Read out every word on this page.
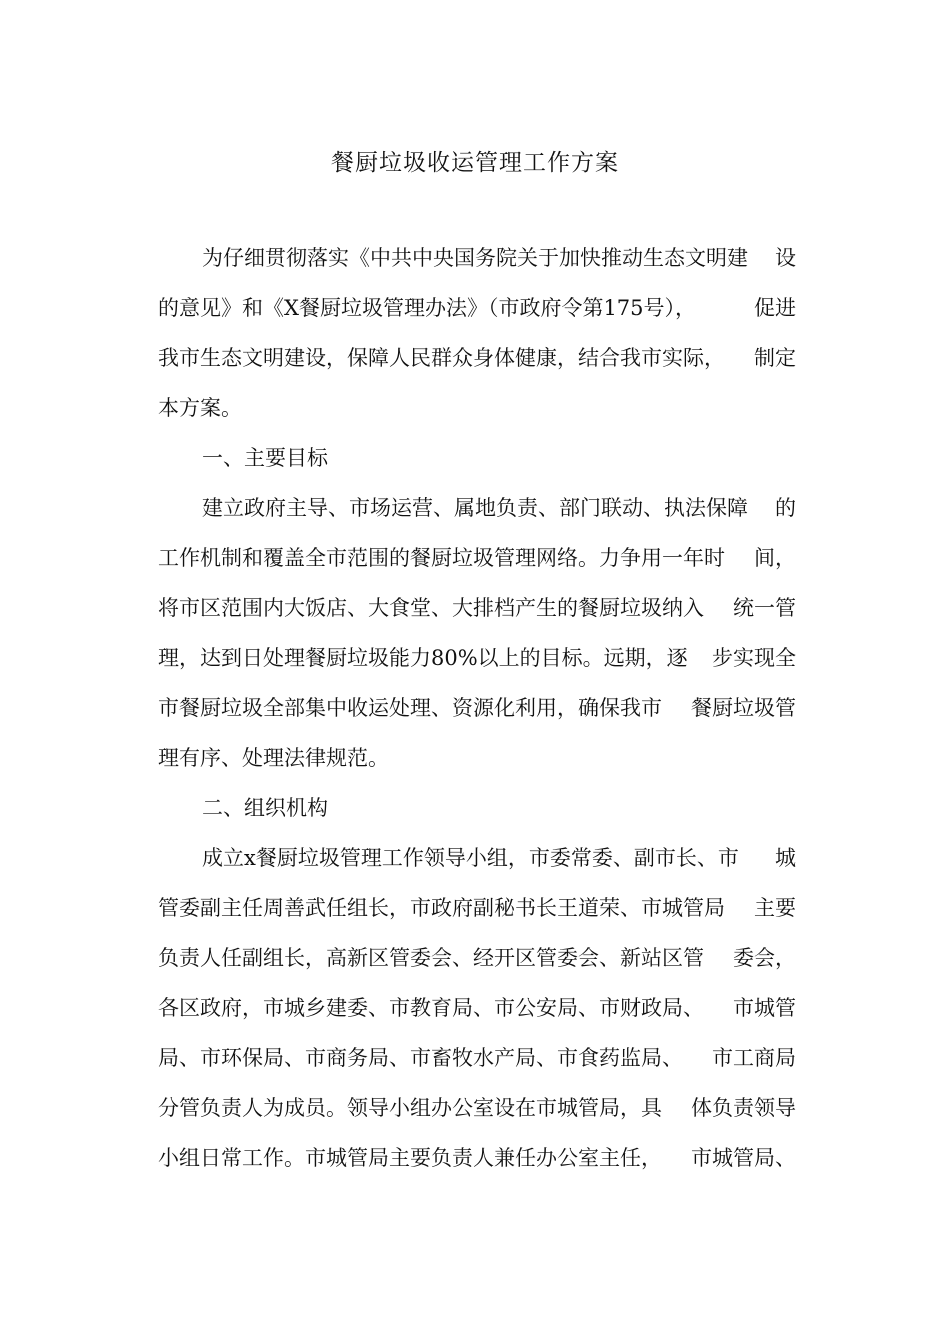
餐厨垃圾收运管理工作方案
为仔细贯彻落实《中共中央国务院关于加快推动生态文明建 设
的意见》和《X餐厨垃圾管理办法》（市政府令第175号），	促进
我市生态文明建设，保障人民群众身体健康，结合我市实际， 制定
本方案。
一、主要目标
建立政府主导、市场运营、属地负责、部门联动、执法保障 的
工作机制和覆盖全市范围的餐厨垃圾管理网络。力争用一年时 间，
将市区范围内大饭店、大食堂、大排档产生的餐厨垃圾纳入 统一管
理，达到日处理餐厨垃圾能力80%以上的目标。远期，逐 步实现全
市餐厨垃圾全部集中收运处理、资源化利用，确保我市 餐厨垃圾管
理有序、处理法律规范。
二、组织机构
成立x餐厨垃圾管理工作领导小组，市委常委、副市长、市 城
管委副主任周善武任组长，市政府副秘书长王道荣、市城管局 主要
负责人任副组长，高新区管委会、经开区管委会、新站区管 委会，
各区政府，市城乡建委、市教育局、市公安局、市财政局、 市城管
局、市环保局、市商务局、市畜牧水产局、市食药监局、 市工商局
分管负责人为成员。领导小组办公室设在市城管局，具 体负责领导
小组日常工作。市城管局主要负责人兼任办公室主任， 市城管局、
